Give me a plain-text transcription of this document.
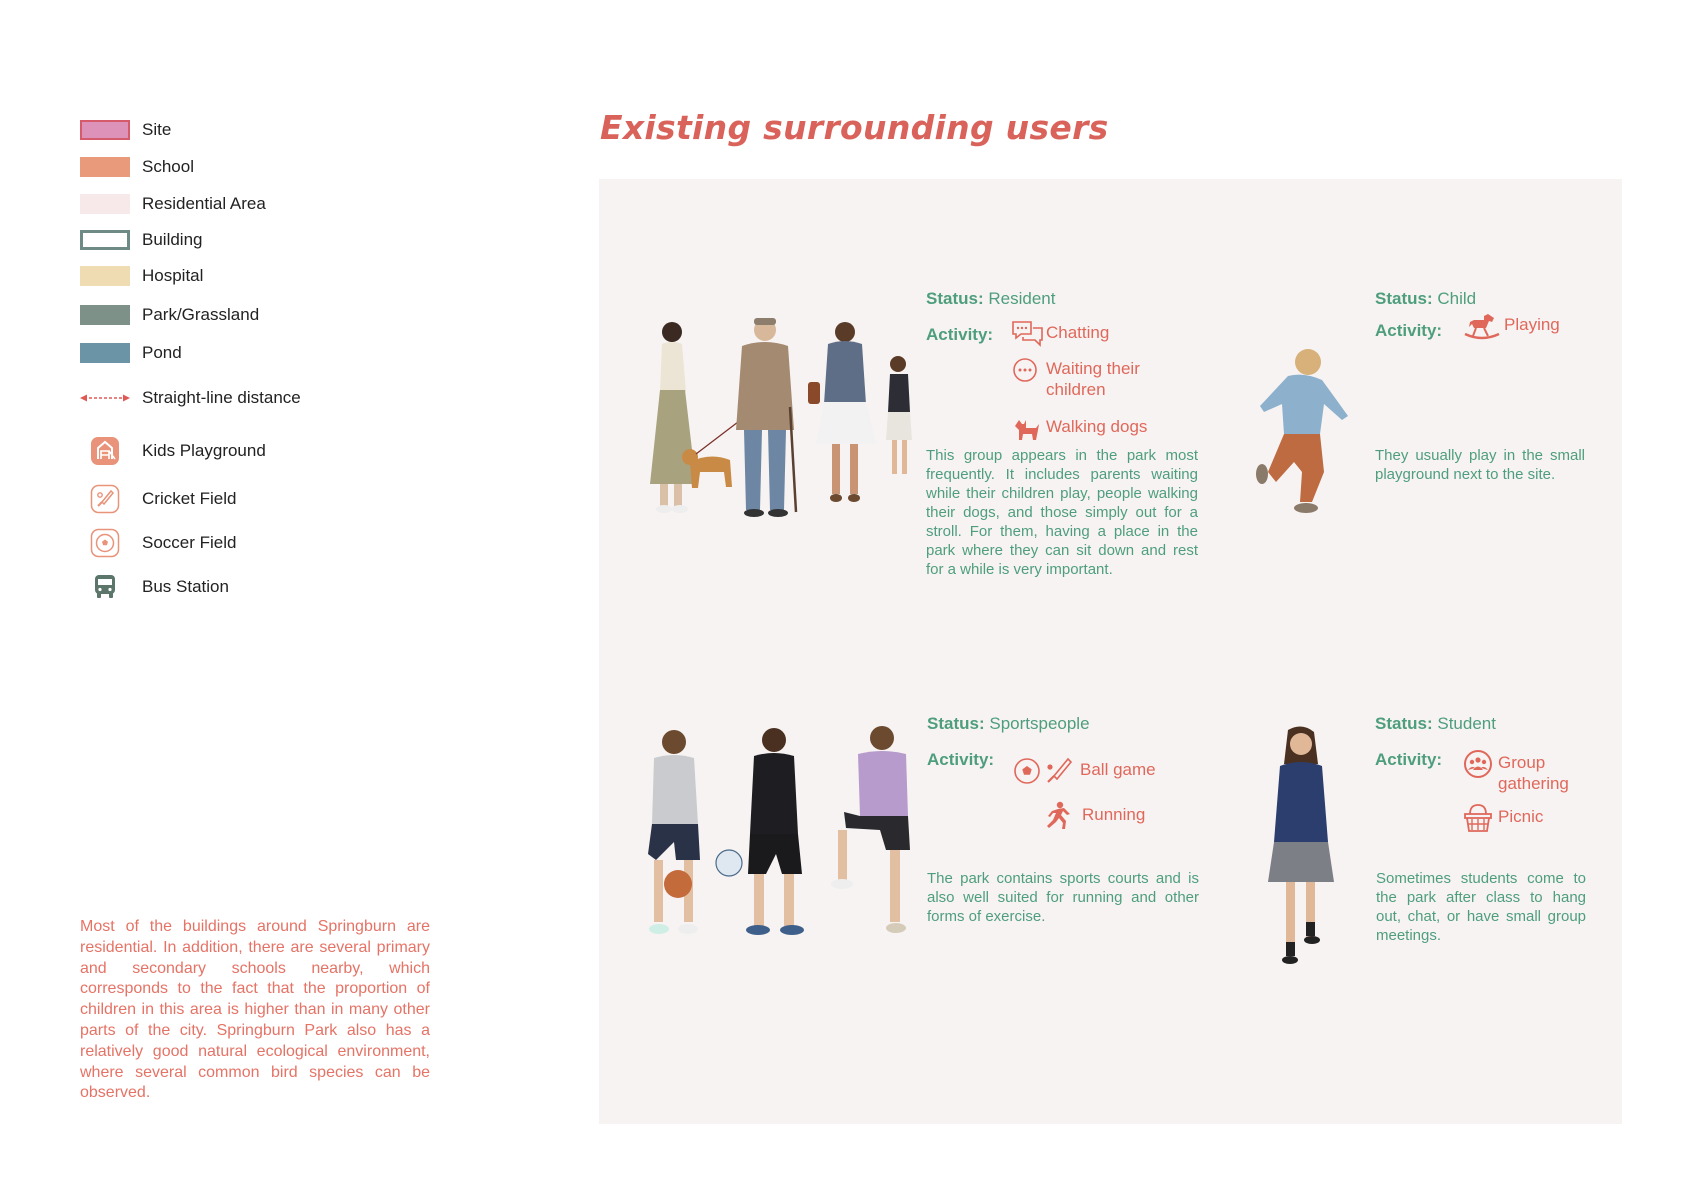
Site
School
Residential Area
Building
Hospital
Park/Grassland
Pond
Straight-line distance
Kids Playground
Cricket Field
Soccer Field
Bus Station

Most of the buildings around Springburn are residential. In addition, there are several primary and secondary schools nearby, which corresponds to the fact that the proportion of children in this area is higher than in many other parts of the city. Springburn Park also has a relatively good natural ecological environment, where several common bird species can be observed.

Existing surrounding users
Status: Resident
Activity:	Chatting
Waiting their children
Walking dogs

This group appears in the park most frequently. It includes parents waiting while their children play, people walking their dogs, and those simply out for a stroll. For them, having a place in the park where they can sit down and rest for a while is very important.

Status: Child
Activity:	Playing

They usually play in the small playground next to the site.

Status: Sportspeople
Activity:
Ball game
Running

The park contains sports courts and is also well suited for running and other forms of exercise.

Status: Student
Activity:	Group gathering
Picnic

Sometimes students come to the park after class to hang out, chat, or have small group meetings.
